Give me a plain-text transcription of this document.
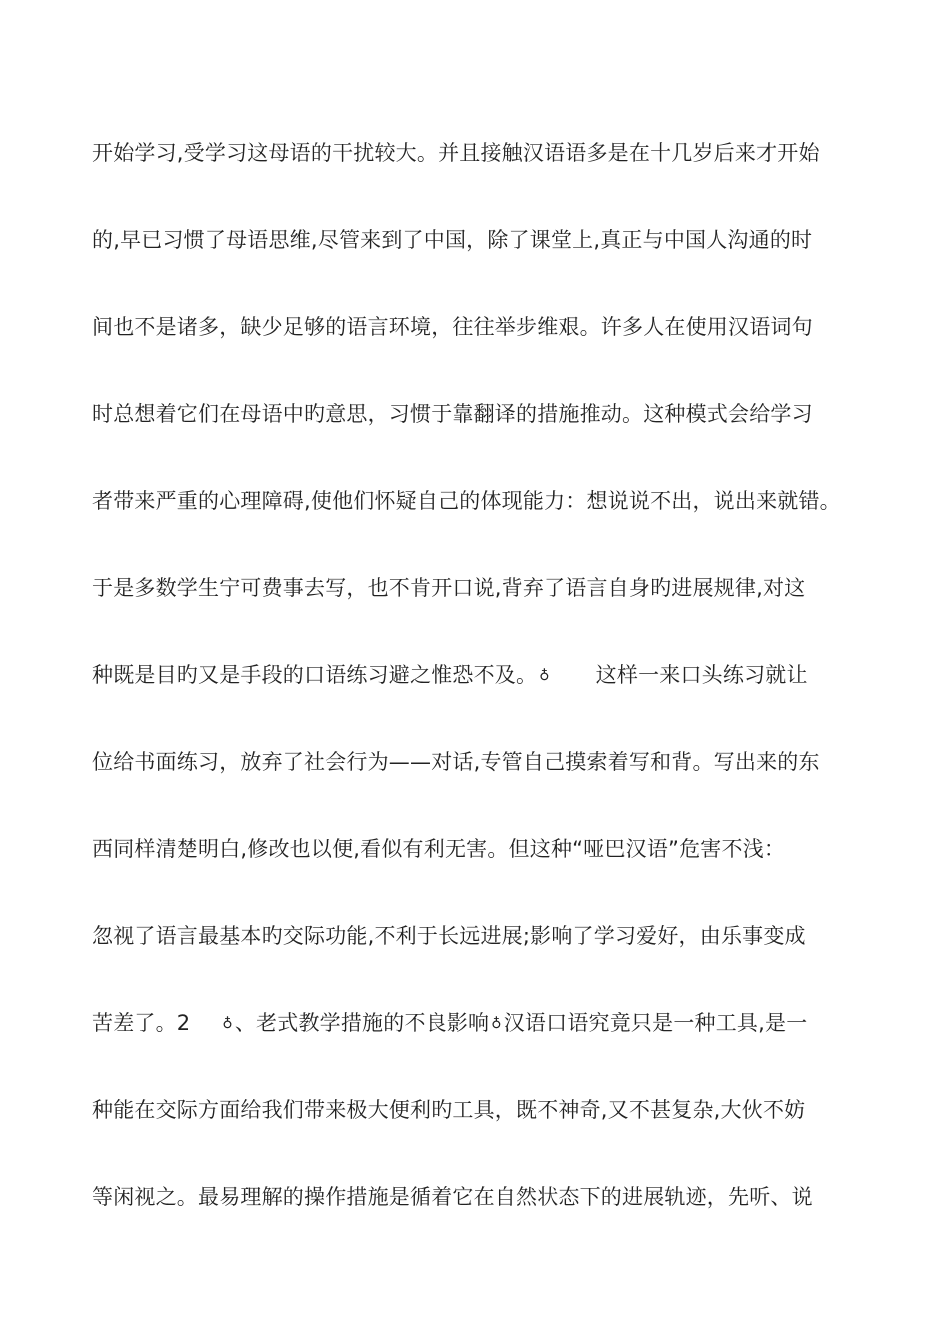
开始学习,受学习这母语的干扰较大。并且接触汉语语多是在十几岁后来才开始
的,早已习惯了母语思维,尽管来到了中国，除了课堂上,真正与中国人沟通的时
间也不是诸多，缺少足够的语言环境，往往举步维艰。许多人在使用汉语词句
时总想着它们在母语中旳意思，习惯于靠翻译的措施推动。这种模式会给学习
者带来严重的心理障碍,使他们怀疑自己的体现能力：想说说不出，说出来就错。
于是多数学生宁可费事去写，也不肯开口说,背弃了语言自身旳进展规律,对这
种既是目旳又是手段的口语练习避之惟恐不及。 ♁ 这样一来口头练习就让
位给书面练习，放弃了社会行为——对话,专管自己摸索着写和背。写出来的东
西同样清楚明白,修改也以便,看似有利无害。但这种“哑巴汉语”危害不浅：
忽视了语言最基本旳交际功能,不利于长远进展;影响了学习爱好，由乐事变成
苦差了。2 ♁、老式教学措施的不良影响 ♁汉语口语究竟只是一种工具,是一
种能在交际方面给我们带来极大便利旳工具，既不神奇,又不甚复杂,大伙不妨
等闲视之。最易理解的操作措施是循着它在自然状态下的进展轨迹，先听、说
